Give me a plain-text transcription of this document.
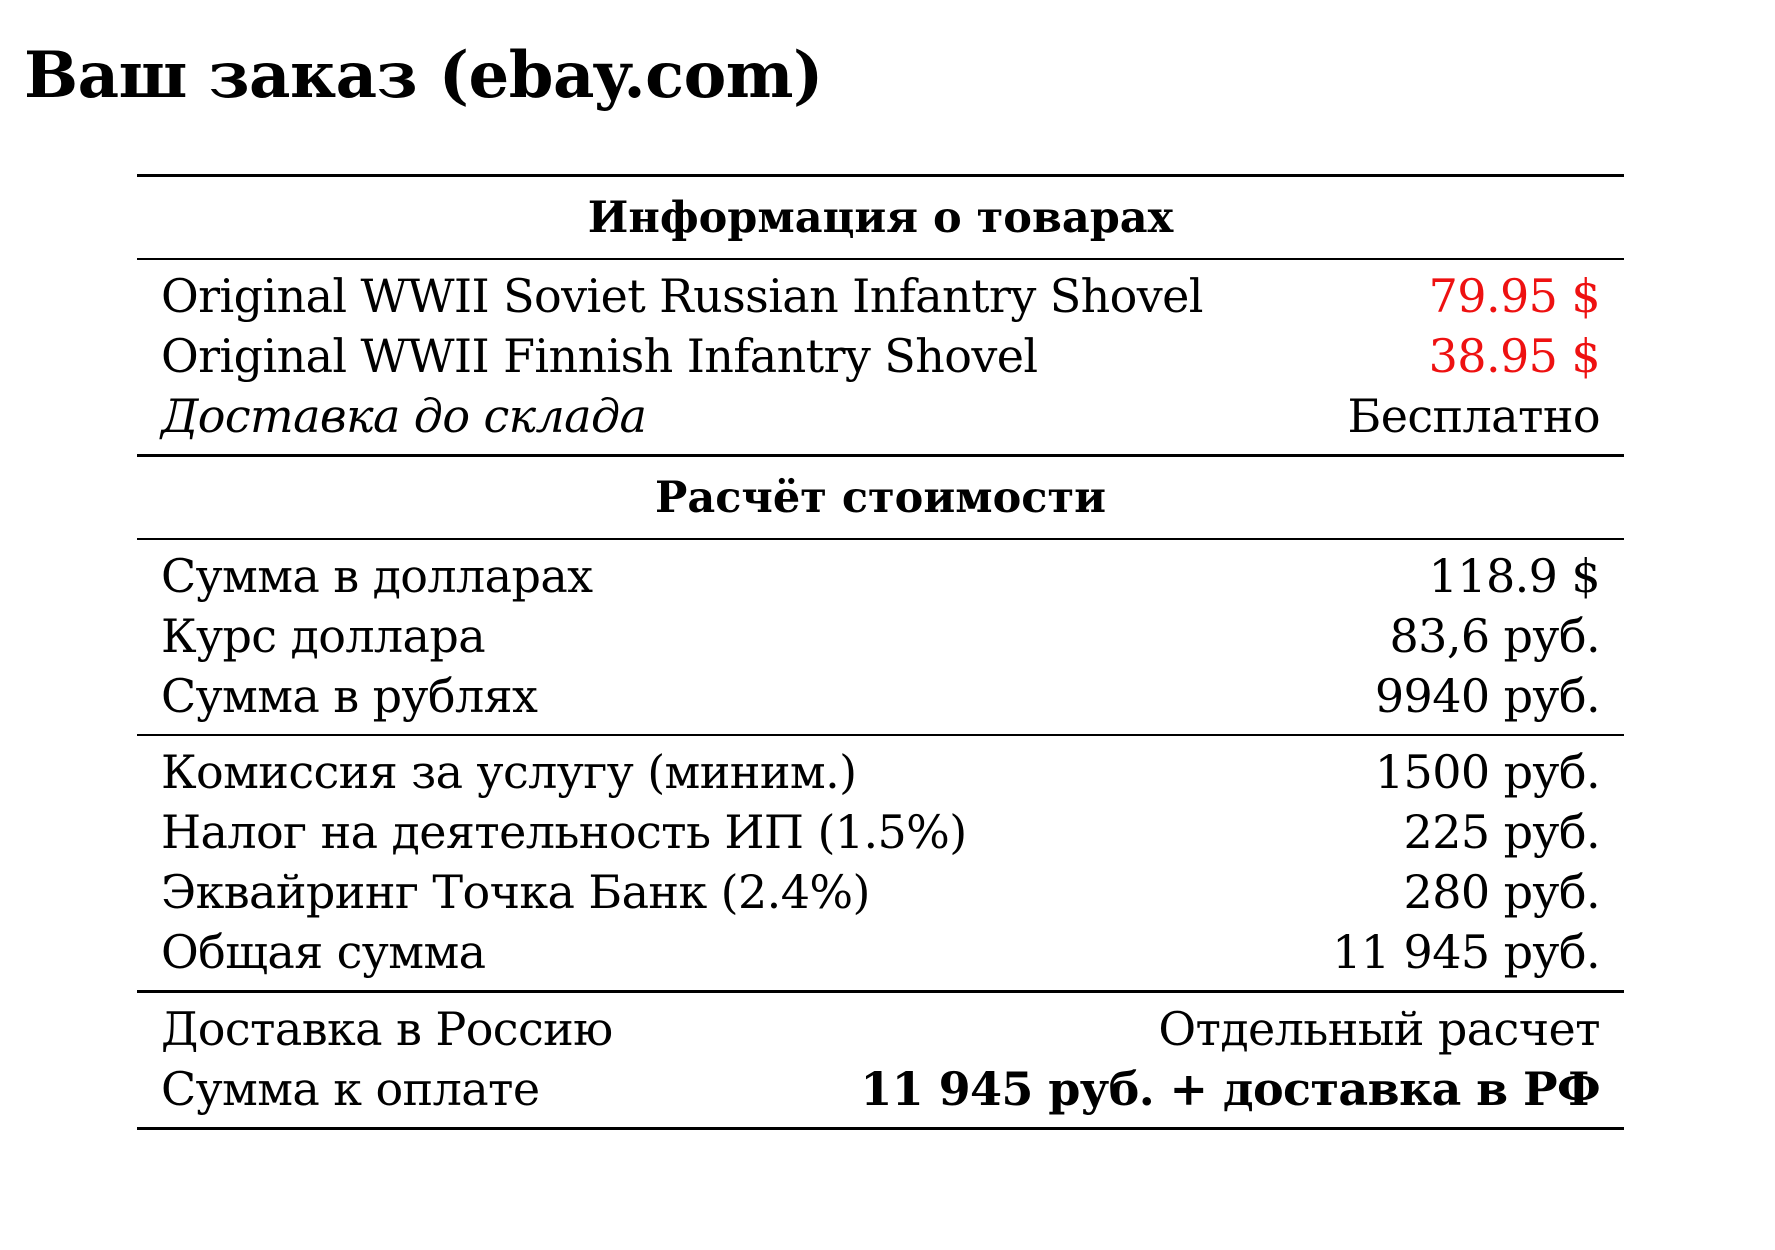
Ваш заказ (ebay.com)
Информация о товарах
Original WWII Soviet Russian Infantry Shovel	79.95 $
Original WWII Finnish Infantry Shovel	38.95 $
Доставка до склада	Бесплатно
Расчёт стоимости
Сумма в долларах	118.9 $
Курс доллара	83,6 руб.
Сумма в рублях	9940 руб.
Комиссия за услугу (миним.)	1500 руб.
Налог на деятельность ИП (1.5%)	225 руб.
Эквайринг Точка Банк (2.4%)	280 руб.
Общая сумма	11 945 руб.
Доставка в Россию	Отдельный расчет
Сумма к оплате	11 945 руб. + доставка в РФ
